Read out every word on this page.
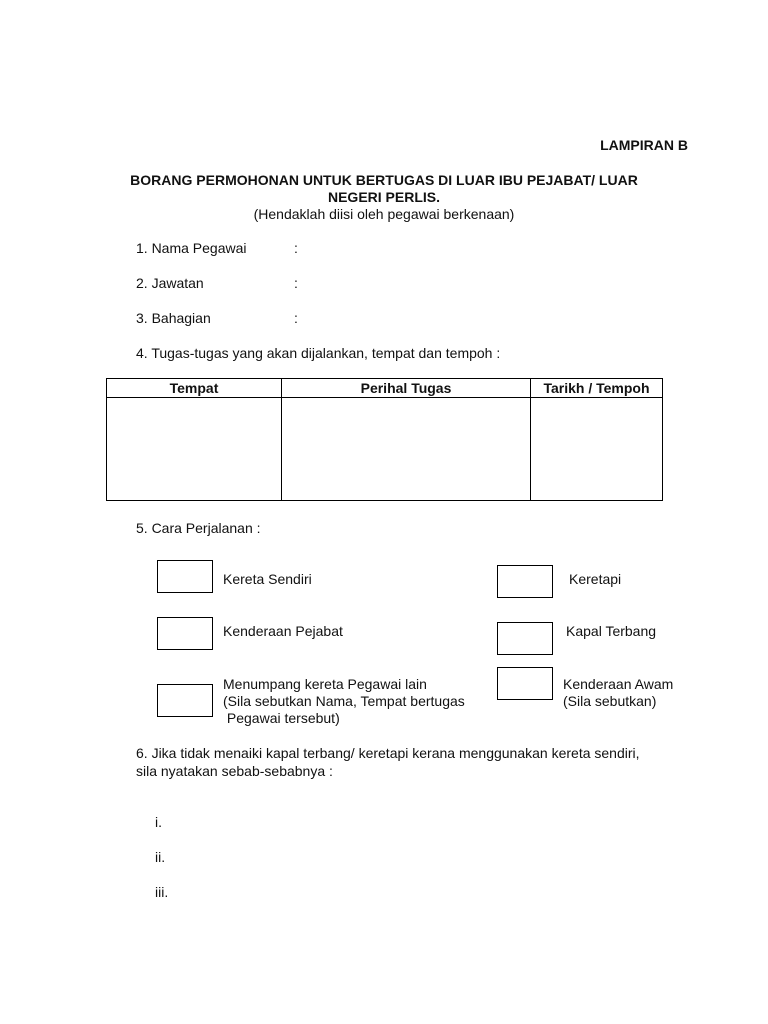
LAMPIRAN B
BORANG PERMOHONAN UNTUK BERTUGAS DI LUAR IBU PEJABAT/ LUAR
NEGERI PERLIS.
(Hendaklah diisi oleh pegawai berkenaan)
1. Nama Pegawai	:
2. Jawatan	:
3. Bahagian	:
4. Tugas-tugas yang akan dijalankan, tempat dan tempoh :
Tempat	Perihal Tugas	Tarikh / Tempoh

5. Cara Perjalanan :
Kereta Sendiri	Keretapi
Kenderaan Pejabat	Kapal Terbang
Menumpang kereta Pegawai lain
(Sila sebutkan Nama, Tempat bertugas
Pegawai tersebut)
Kenderaan Awam
(Sila sebutkan)
6. Jika tidak menaiki kapal terbang/ keretapi kerana menggunakan kereta sendiri,
sila nyatakan sebab-sebabnya :
i.
ii.
iii.
